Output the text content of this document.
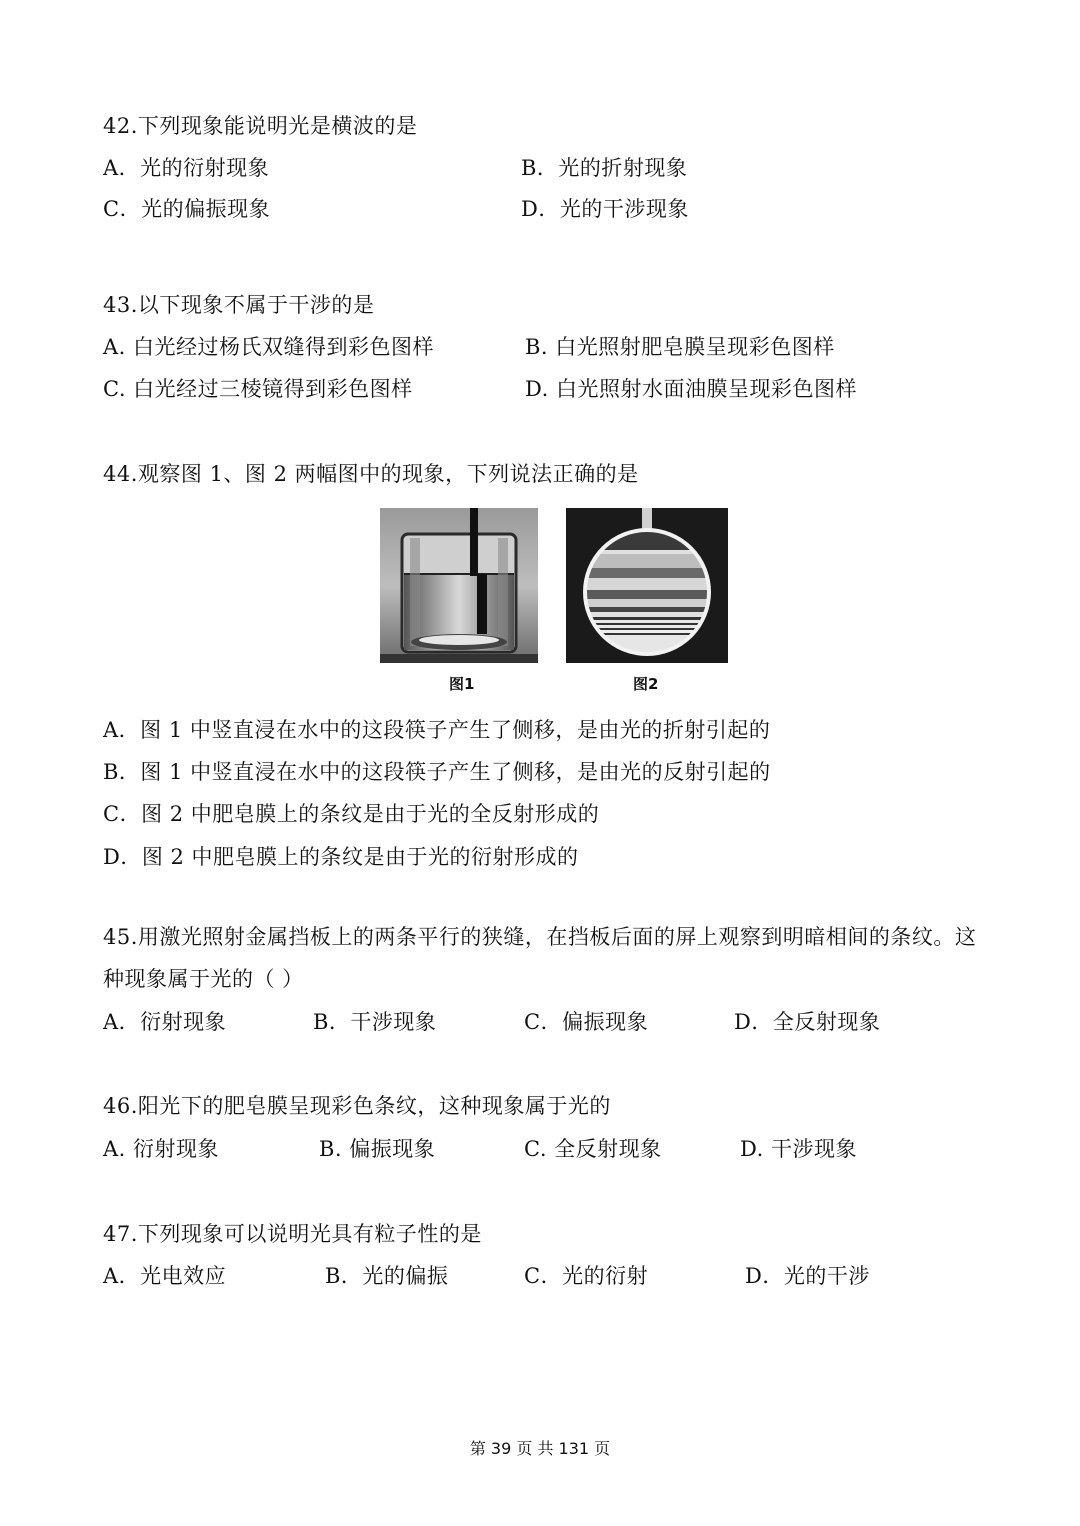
42.下列现象能说明光是横波的是
A．光的衍射现象	B．光的折射现象
C．光的偏振现象	D．光的干涉现象
43.以下现象不属于干涉的是
A. 白光经过杨氏双缝得到彩色图样	B. 白光照射肥皂膜呈现彩色图样
C. 白光经过三棱镜得到彩色图样	D. 白光照射水面油膜呈现彩色图样
44.观察图 1、图 2 两幅图中的现象，下列说法正确的是
图1	图2
A．图 1 中竖直浸在水中的这段筷子产生了侧移，是由光的折射引起的
B．图 1 中竖直浸在水中的这段筷子产生了侧移，是由光的反射引起的
C．图 2 中肥皂膜上的条纹是由于光的全反射形成的
D．图 2 中肥皂膜上的条纹是由于光的衍射形成的
45.用激光照射金属挡板上的两条平行的狭缝，在挡板后面的屏上观察到明暗相间的条纹。这
种现象属于光的（ ）
A．衍射现象	B．干涉现象	C．偏振现象	D．全反射现象
46.阳光下的肥皂膜呈现彩色条纹，这种现象属于光的
A. 衍射现象	B. 偏振现象	C. 全反射现象	D. 干涉现象
47.下列现象可以说明光具有粒子性的是
A．光电效应	B．光的偏振	C．光的衍射	D．光的干涉
第 39 页 共 131 页
